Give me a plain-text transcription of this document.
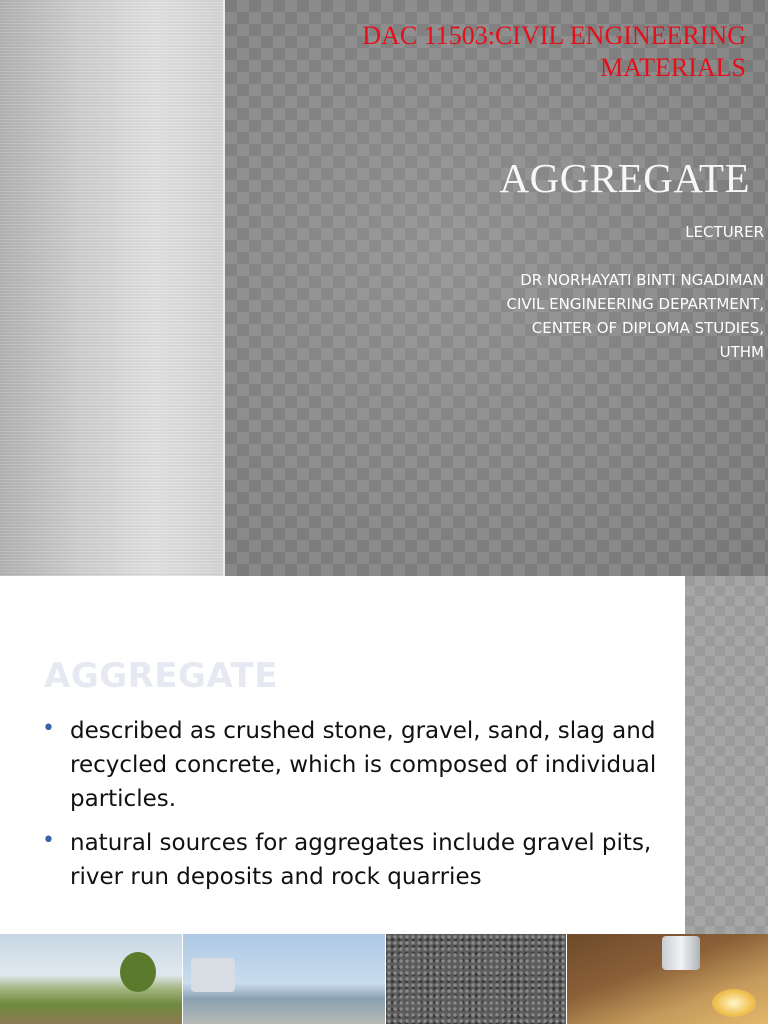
DAC 11503:CIVIL ENGINEERING MATERIALS
AGGREGATE
LECTURER
DR NORHAYATI BINTI NGADIMAN
CIVIL ENGINEERING DEPARTMENT,
CENTER OF DIPLOMA STUDIES,
UTHM
AGGREGATE
• described as crushed stone, gravel, sand, slag and recycled concrete, which is composed of individual particles.
• natural sources for aggregates include gravel pits, river run deposits and rock quarries
